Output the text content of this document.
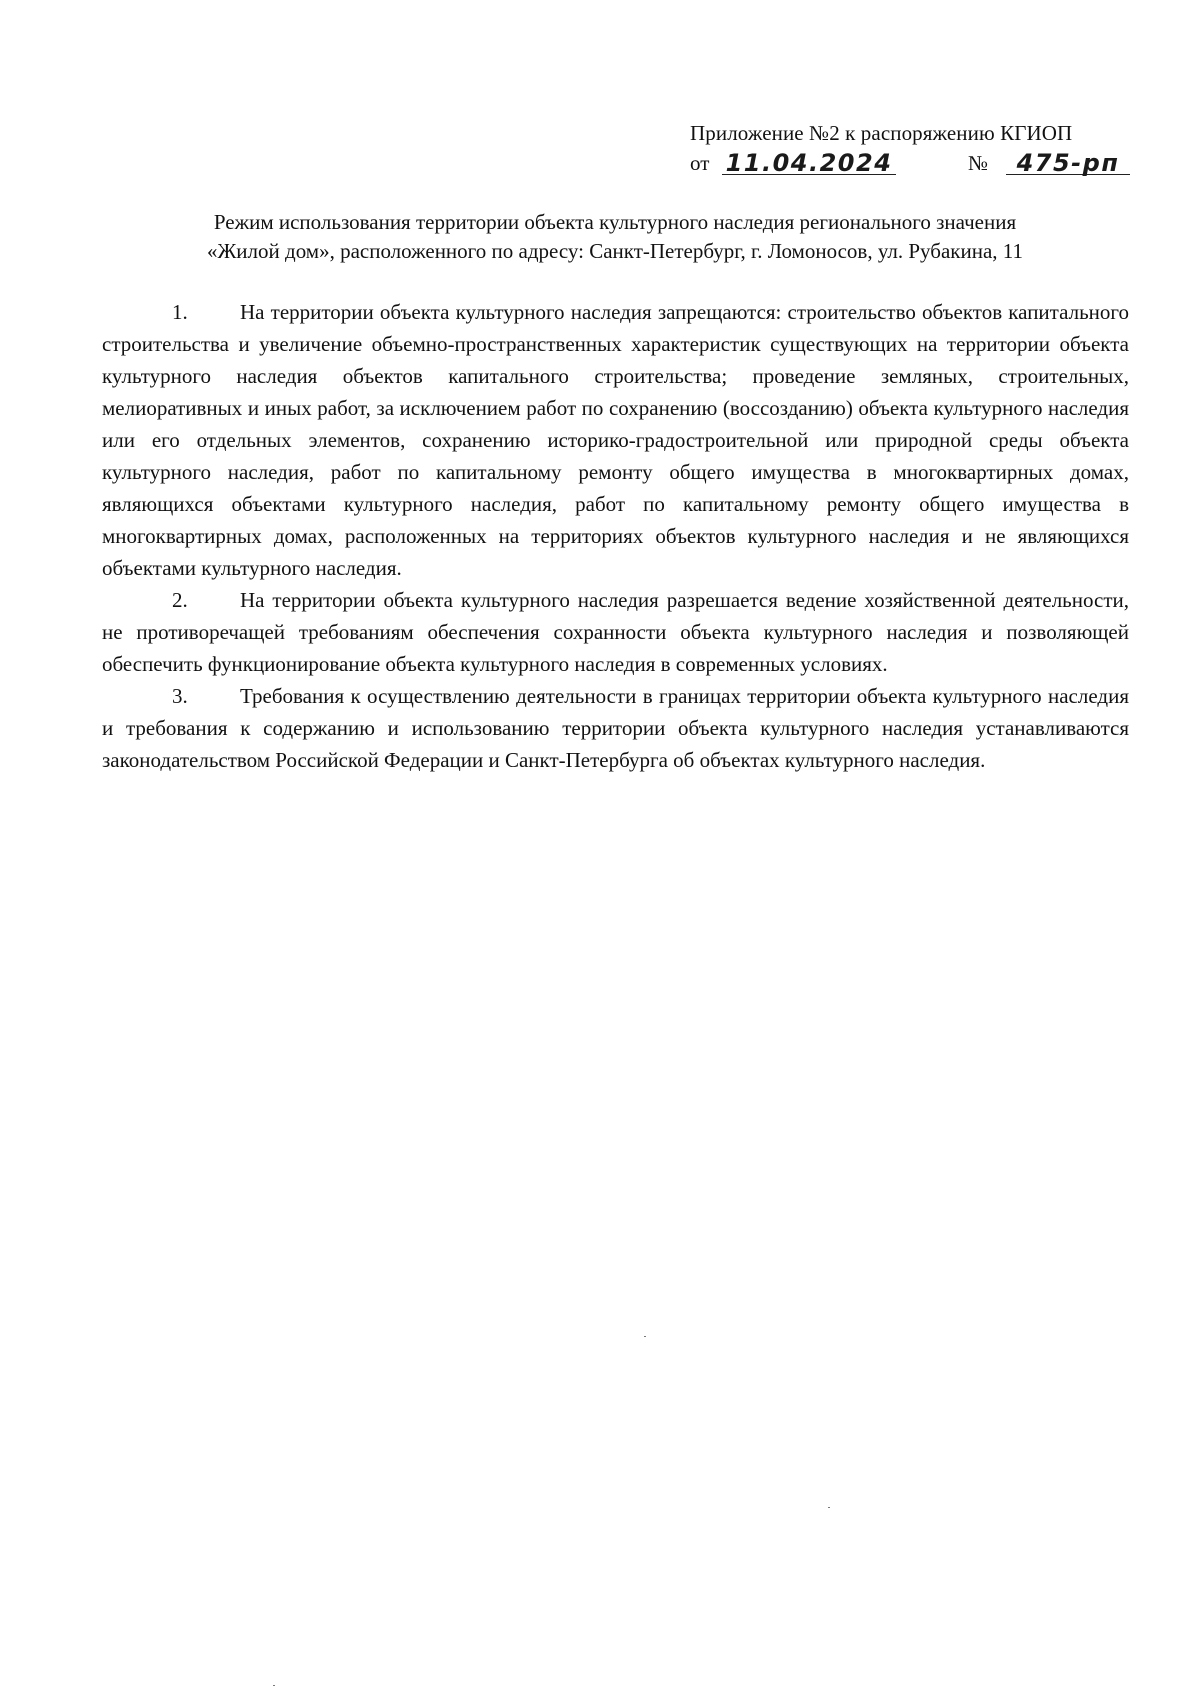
Приложение №2 к распоряжению КГИОП
от 11.04.2024	№	475-рп
Режим использования территории объекта культурного наследия регионального значения
«Жилой дом», расположенного по адресу: Санкт-Петербург, г. Ломоносов, ул. Рубакина, 11

1. На территории объекта культурного наследия запрещаются: строительство объектов капитального строительства и увеличение объемно-пространственных характеристик существующих на территории объекта культурного наследия объектов капитального строительства; проведение земляных, строительных, мелиоративных и иных работ, за исключением работ по сохранению (воссозданию) объекта культурного наследия или его отдельных элементов, сохранению историко-градостроительной или природной среды объекта культурного наследия, работ по капитальному ремонту общего имущества в многоквартирных домах, являющихся объектами культурного наследия, работ по капитальному ремонту общего имущества в многоквартирных домах, расположенных на территориях объектов культурного наследия и не являющихся объектами культурного наследия.

2. На территории объекта культурного наследия разрешается ведение хозяйственной деятельности, не противоречащей требованиям обеспечения сохранности объекта культурного наследия и позволяющей обеспечить функционирование объекта культурного наследия в современных условиях.

3. Требования к осуществлению деятельности в границах территории объекта культурного наследия и требования к содержанию и использованию территории объекта культурного наследия устанавливаются законодательством Российской Федерации и Санкт-Петербурга об объектах культурного наследия.
